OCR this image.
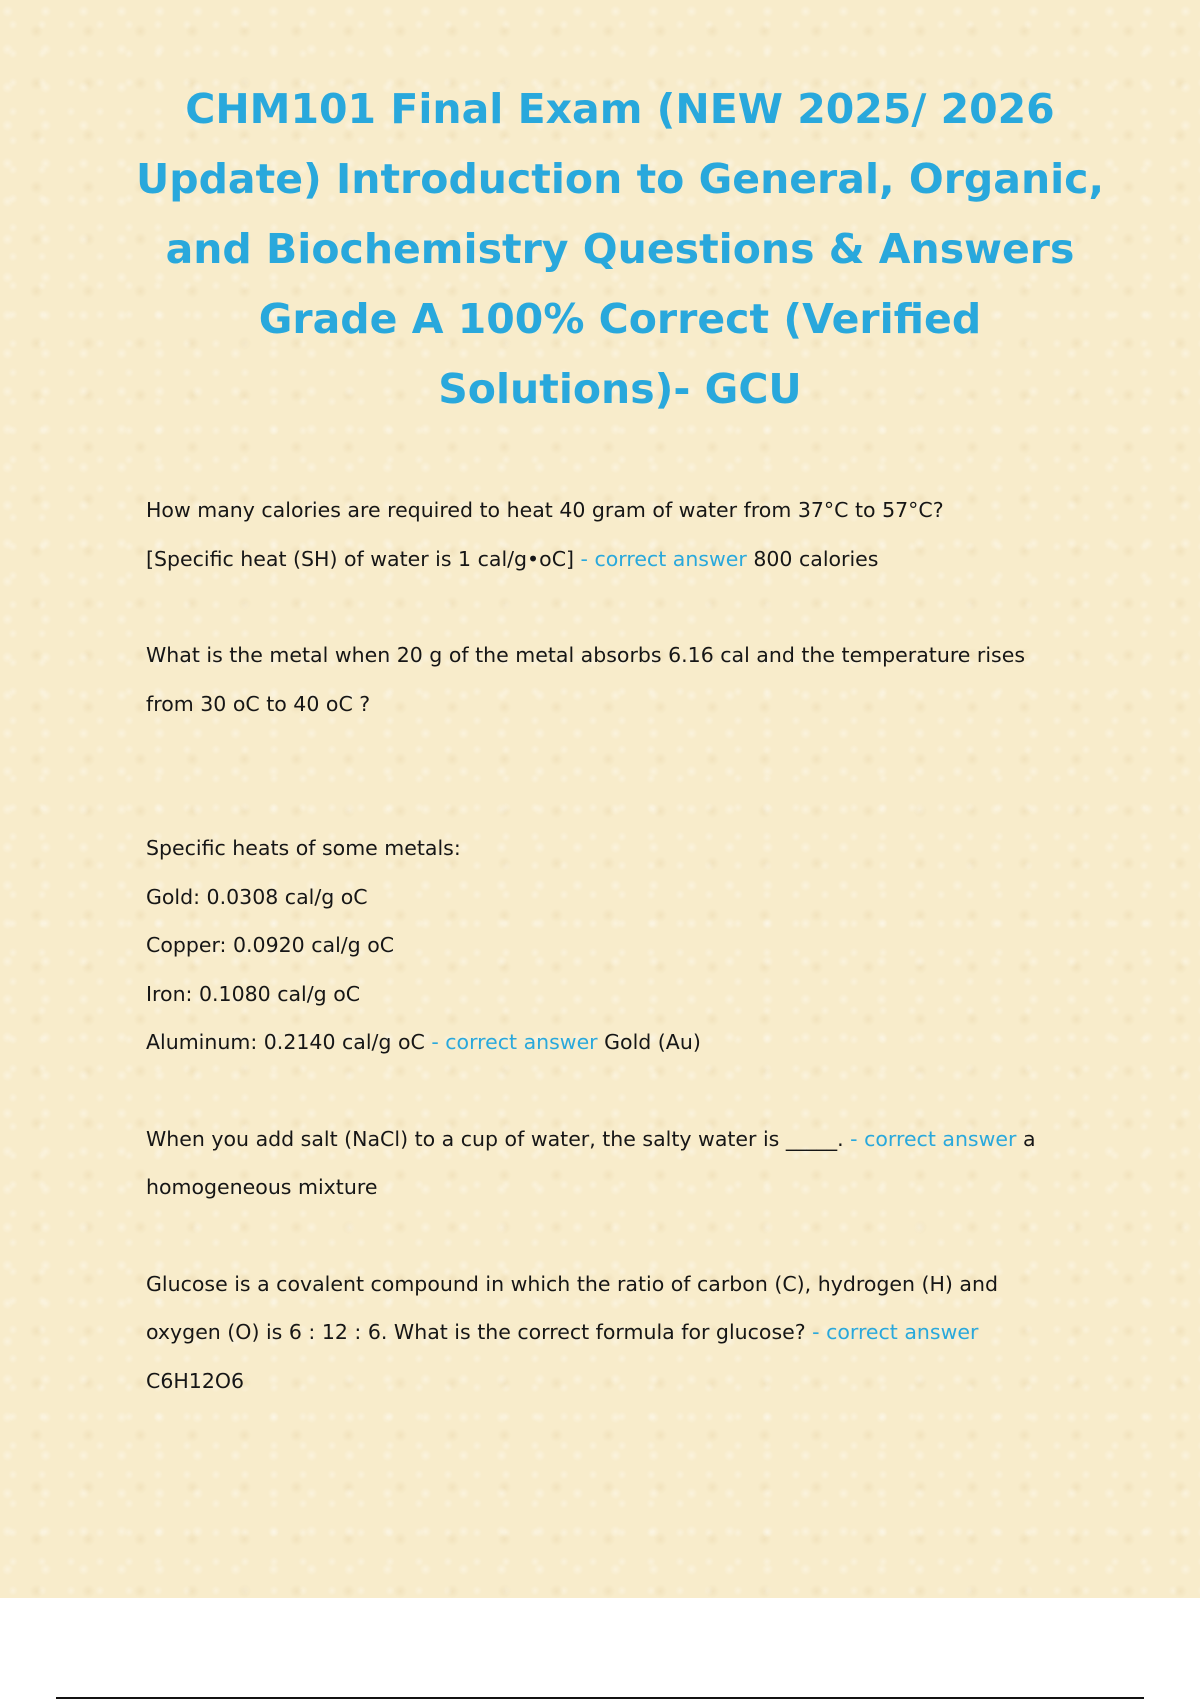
CHM101 Final Exam (NEW 2025/ 2026 Update) Introduction to General, Organic, and Biochemistry Questions & Answers Grade A 100% Correct (Verified Solutions)- GCU
How many calories are required to heat 40 gram of water from 37°C to 57°C?
[Specific heat (SH) of water is 1 cal/g•oC] - correct answer 800 calories
What is the metal when 20 g of the metal absorbs 6.16 cal and the temperature rises
from 30 oC to 40 oC ?
Specific heats of some metals:
Gold: 0.0308 cal/g oC
Copper: 0.0920 cal/g oC
Iron: 0.1080 cal/g oC
Aluminum: 0.2140 cal/g oC - correct answer Gold (Au)
When you add salt (NaCl) to a cup of water, the salty water is _____. - correct answer a
homogeneous mixture
Glucose is a covalent compound in which the ratio of carbon (C), hydrogen (H) and
oxygen (O) is 6 : 12 : 6. What is the correct formula for glucose? - correct answer
C6H12O6
